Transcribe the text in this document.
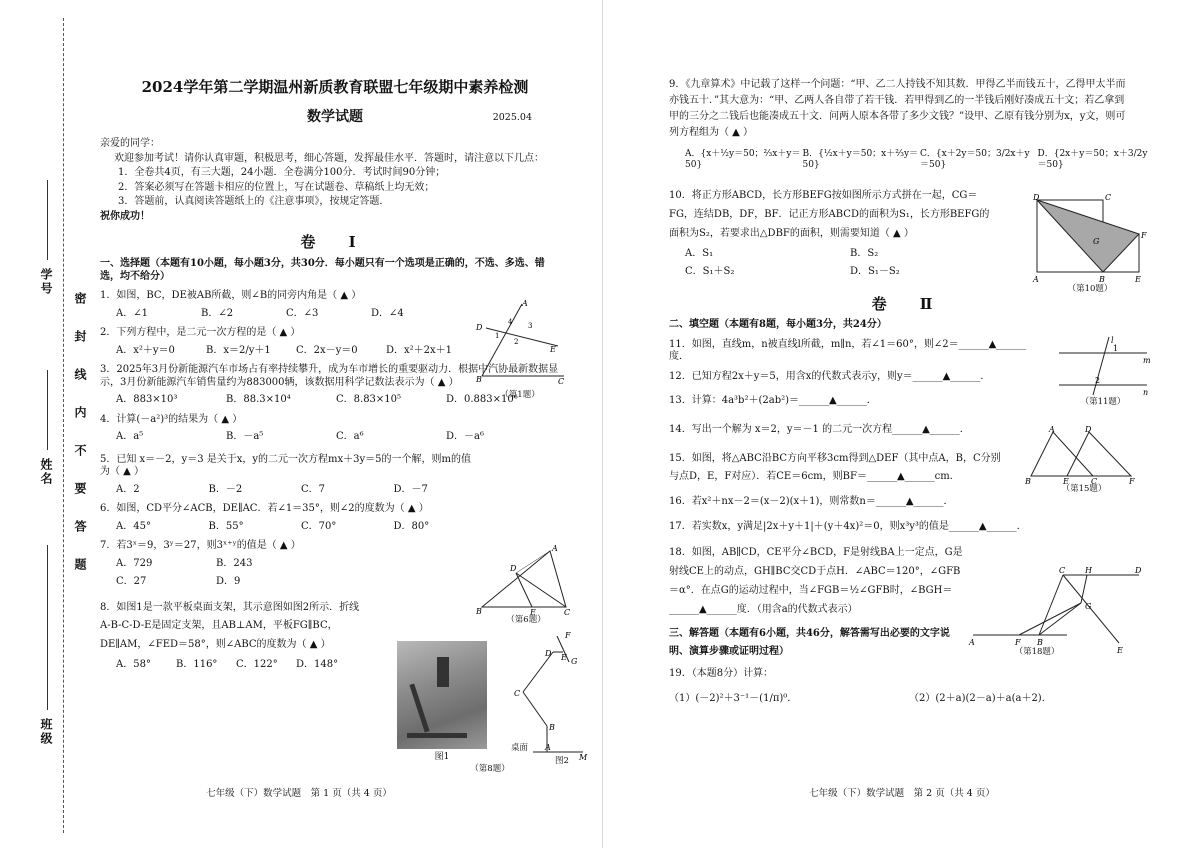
学号
姓名
班级
密封线内不要答题
2024学年第二学期温州新质教育联盟七年级期中素养检测
数学试题	2025.04
亲爱的同学：
欢迎参加考试！请你认真审题，积极思考，细心答题，发挥最佳水平．答题时，请注意以下几点：
1．全卷共4页，有三大题，24小题．全卷满分100分．考试时间90分钟；
2．答案必须写在答题卡相应的位置上，写在试题卷、草稿纸上均无效；
3．答题前，认真阅读答题纸上的《注意事项》，按规定答题．
祝你成功！
卷 Ⅰ
一、选择题（本题有10小题，每小题3分，共30分．每小题只有一个选项是正确的，不选、多选、错选，均不给分）
1．如图，BC，DE被AB所截，则∠B的同旁内角是（ ▲ ）
A．∠1	B．∠2	C．∠3	D．∠4
2．下列方程中，是二元一次方程的是（ ▲ ）
A．x²＋y＝0	B．x＝2/y＋1	C．2x－y＝0	D．x²＋2x＋1
3．2025年3月份新能源汽车市场占有率持续攀升，成为车市增长的重要驱动力．根据中汽协最新数据显示，3月份新能源汽车销售量约为883000辆，该数据用科学记数法表示为（ ▲ ）
A．883×10³	B．88.3×10⁴	C．8.83×10⁵	D．0.883×10⁶
4．计算(－a²)³的结果为（ ▲ ）
A．a⁵	B．－a⁵	C．a⁶	D．－a⁶
5．已知 x＝－2，y＝3 是关于x，y的二元一次方程mx＋3y＝5的一个解，则m的值为（ ▲ ）
A．2	B．－2	C．7	D．－7
6．如图，CD平分∠ACB，DE∥AC．若∠1＝35°，则∠2的度数为（ ▲ ）
A．45°	B．55°	C．70°	D．80°
7．若3ˣ＝9，3ʸ＝27，则3ˣ⁺ʸ的值是（ ▲ ）
A．729	B．243
C．27	D．9
8．如图1是一款平板桌面支架，其示意图如图2所示．折线
A-B-C-D-E是固定支架，且AB⊥AM，平板FG∥BC，
DE∥AM，∠FED＝58°，则∠ABC的度数为（ ▲ ）
A．58°	B．116°	C．122°	D．148°
A
D
E
B	C
1
2
3
4
（第1题）
A
D
B	E	C
（第6题）
图1
F
G
D E
C
B
A
M
桌面
图2
（第8题）
七年级（下）数学试题　第 1 页（共 4 页）
9．《九章算术》中记载了这样一个问题：“甲、乙二人持钱不知其数．甲得乙半而钱五十，乙得甲太半而亦钱五十．”其大意为：“甲、乙两人各自带了若干钱．若甲得到乙的一半钱后刚好凑成五十文；若乙拿到甲的三分之二钱后也能凑成五十文．问两人原本各带了多少文钱？”设甲、乙原有钱分别为x，y文，则可列方程组为（ ▲ ）
A．{x＋½y＝50；⅔x＋y＝50}
B．{½x＋y＝50；x＋⅔y＝50}
C．{x＋2y＝50；3/2x＋y＝50}
D．{2x＋y＝50；x＋3/2y＝50}
10．将正方形ABCD，长方形BEFG按如图所示方式拼在一起，CG＝FG，连结DB，DF，BF．记正方形ABCD的面积为S₁，长方形BEFG的面积为S₂，若要求出△DBF的面积，则需要知道（ ▲ ）
A．S₁	B．S₂
C．S₁＋S₂	D．S₁－S₂
卷 Ⅱ
二、填空题（本题有8题，每小题3分，共24分）
11．如图，直线m，n被直线l所截，m∥n，若∠1＝60°，则∠2＝______▲______度．
12．已知方程2x＋y＝5，用含x的代数式表示y，则y＝______▲______．
13．计算：4a³b²＋(2ab²)＝______▲______．
14．写出一个解为 x＝2，y＝－1 的二元一次方程______▲______．
15．如图，将△ABC沿BC方向平移3cm得到△DEF（其中点A，B，C分别与点D，E，F对应）．若CE＝6cm，则BF＝______▲______cm．
16．若x²＋nx－2＝(x－2)(x＋1)，则常数n＝______▲______．
17．若实数x，y满足|2x＋y＋1|＋(y＋4x)²＝0，则x³y³的值是______▲______．
18．如图，AB∥CD，CE平分∠BCD，F是射线BA上一定点，G是射线CE上的动点，GH∥BC交CD于点H．∠ABC＝120°，∠GFB＝α°．在点G的运动过程中，当∠FGB＝½∠GFB时，∠BGH＝______▲______度．（用含a的代数式表示）
三、解答题（本题有6小题，共46分，解答需写出必要的文字说明、演算步骤或证明过程）
19．（本题8分）计算：
（1）(－2)²＋3⁻¹－(1/π)⁰．	（2）(2＋a)(2－a)＋a(a＋2)．
D	C
G
F
A	B	E
（第10题）
l
1
2
m
n
（第11题）
A	D
B	E	C	F
（第15题）
C H	D
G
A	F B
E
（第18题）
七年级（下）数学试题　第 2 页（共 4 页）
